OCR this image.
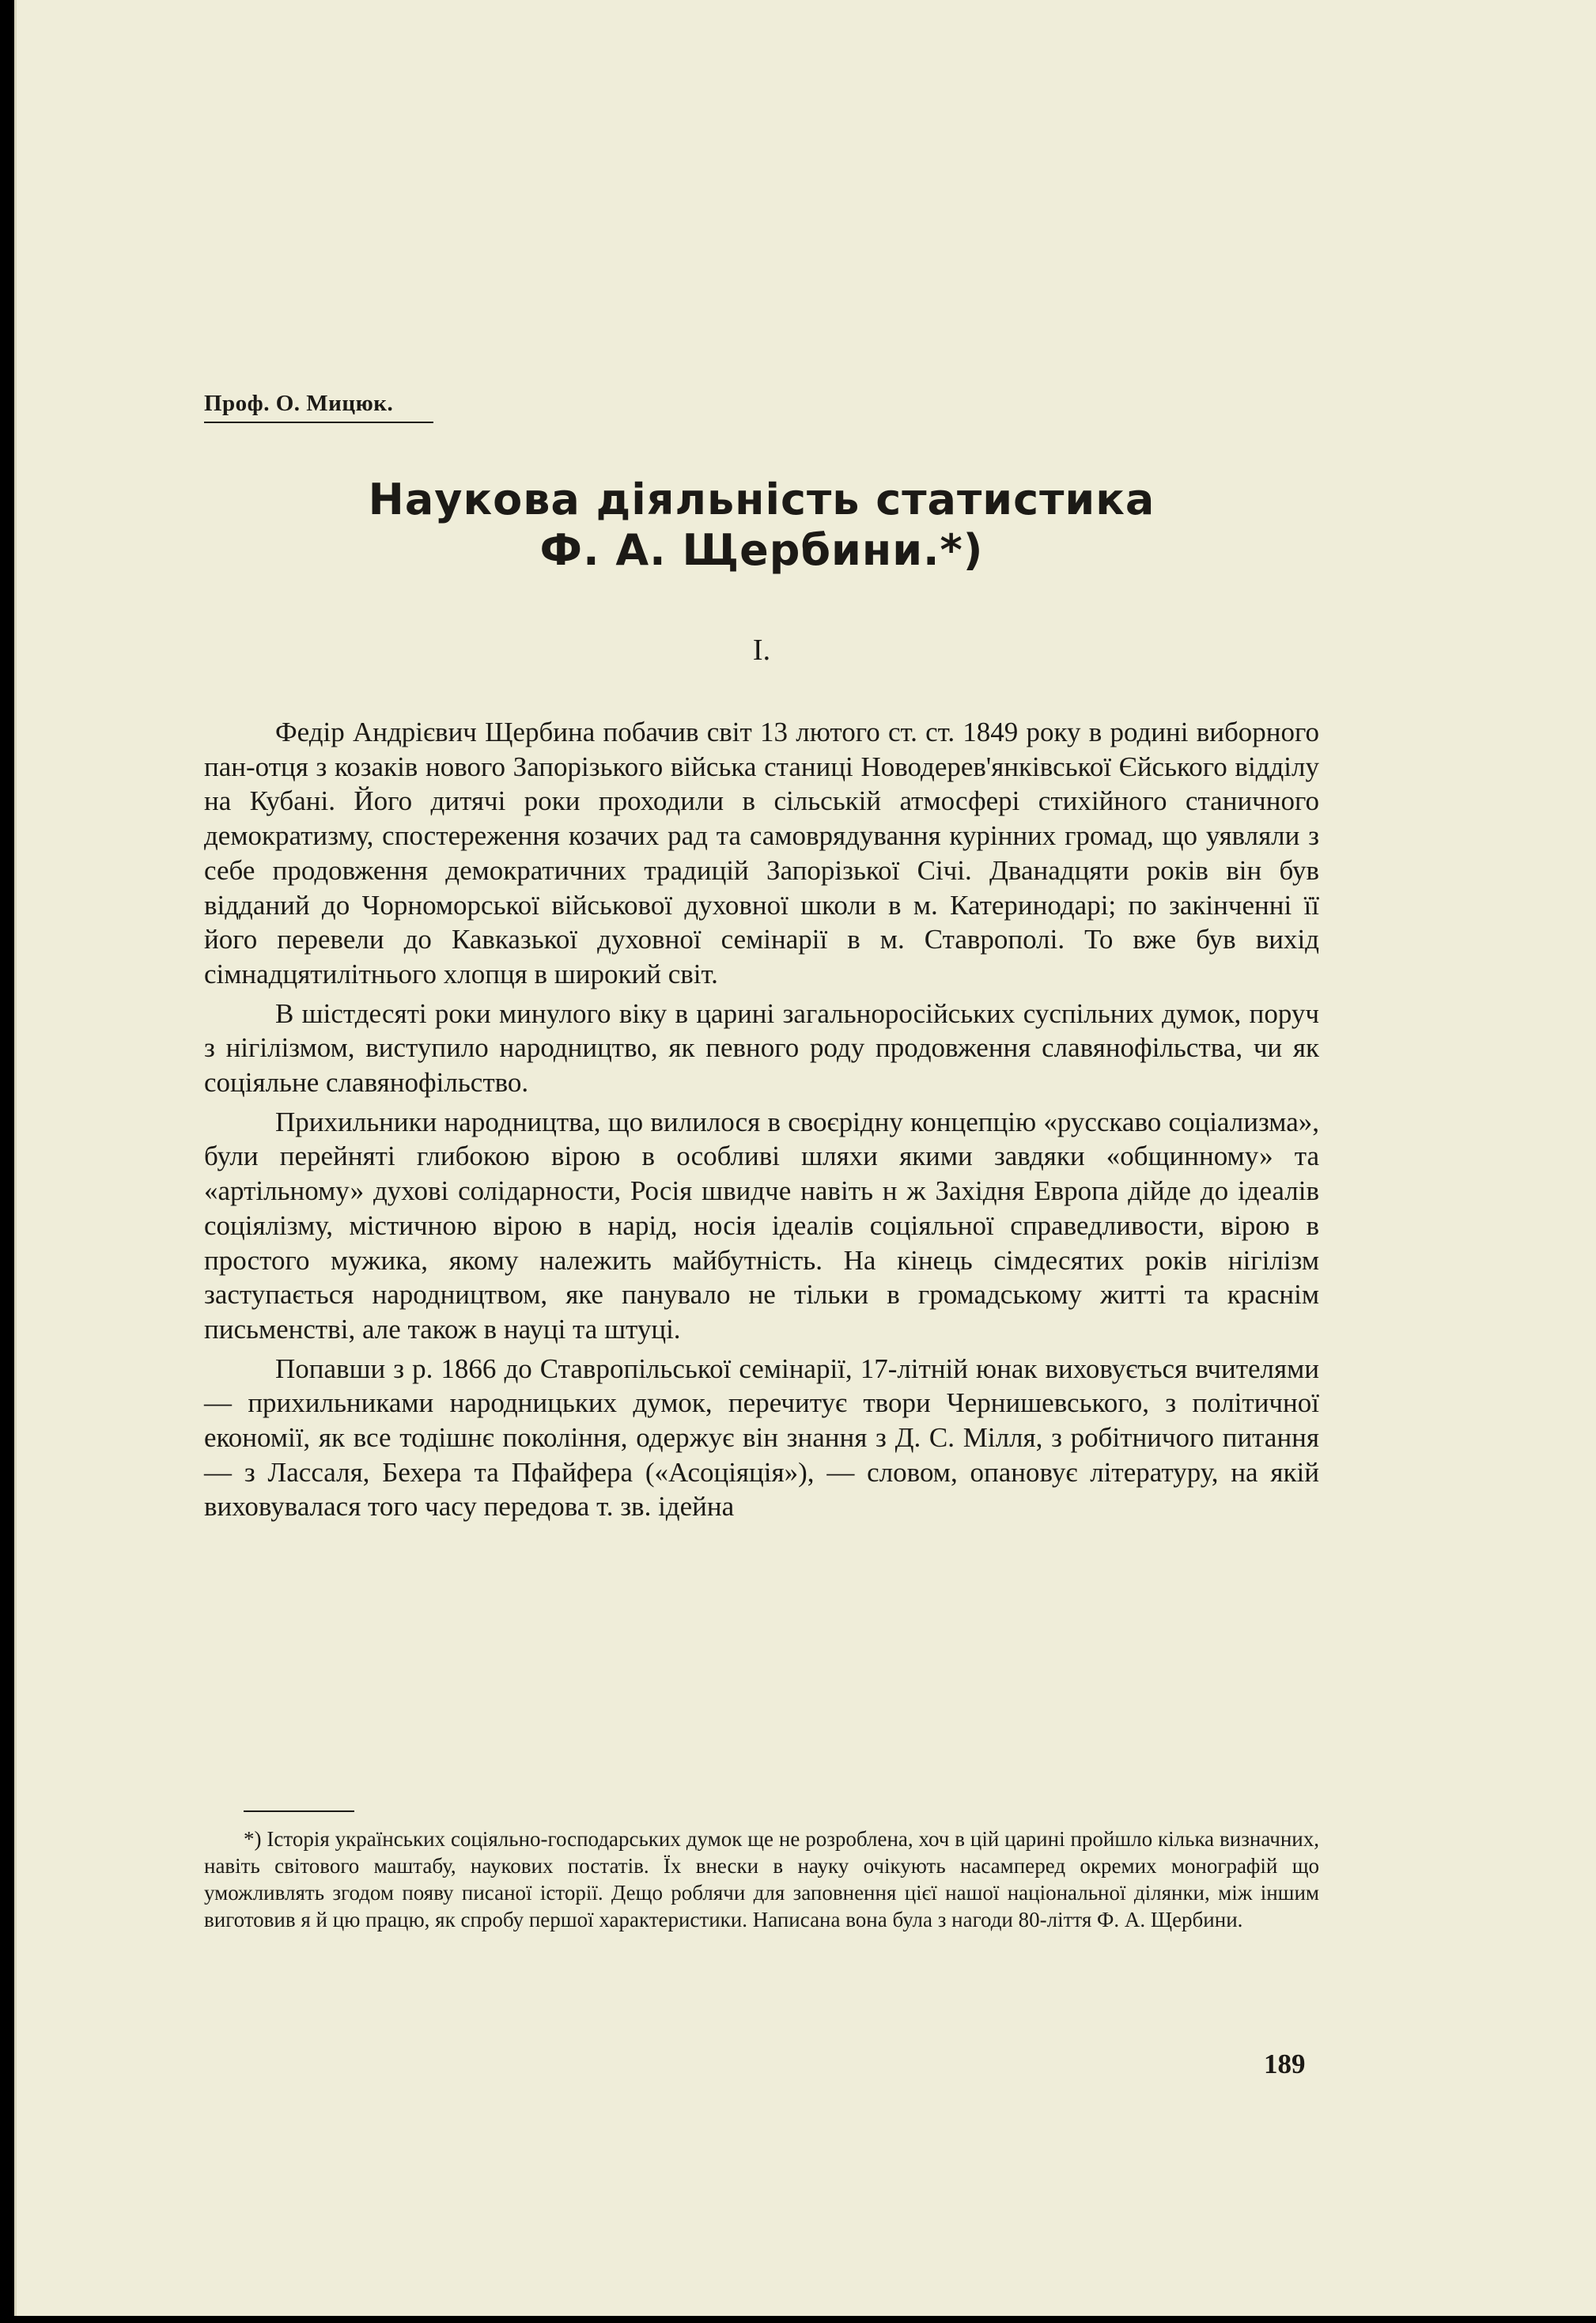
Проф. О. Мицюк.
Наукова діяльність статистика
Ф. А. Щербини.*)
I.

Федір Андрієвич Щербина побачив світ 13 лютого ст. ст. 1849 року в родині виборного пан-отця з козаків нового Запорізького війська станиці Новодерев'янківської Єйського відділу на Кубані. Його дитячі роки проходили в сільській атмосфері стихійного станичного демократизму, спостереження козачих рад та самоврядування курінних громад, що уявляли з себе продовження демократичних традицій Запорізької Січі. Дванадцяти років він був відданий до Чорноморської військової духовної школи в м. Катеринодарі; по закінченні її його перевели до Кавказької духовної семінарії в м. Ставрополі. То вже був вихід сімнадцятилітнього хлопця в широкий світ.

В шістдесяті роки минулого віку в царині загальноросійських суспільних думок, поруч з нігілізмом, виступило народництво, як певного роду продовження славянофільства, чи як соціяльне славянофільство.

Прихильники народництва, що вилилося в своєрідну концепцію «русскаво соціализма», були перейняті глибокою вірою в особливі шляхи якими завдяки «общинному» та «артільному» духові солідарности, Росія швидче навіть н ж Західня Европа дійде до ідеалів соціялізму, містичною вірою в нарід, носія ідеалів соціяльної справедливости, вірою в простого мужика, якому належить майбутність. На кінець сімдесятих років нігілізм заступається народництвом, яке панувало не тільки в громадському житті та краснім письменстві, але також в науці та штуці.

Попавши з р. 1866 до Ставропільської семінарії, 17-літній юнак виховується вчителями — прихильниками народницьких думок, перечитує твори Чернишевського, з політичної економії, як все тодішнє покоління, одержує він знання з Д. С. Мілля, з робітничого питання — з Лассаля, Бехера та Пфайфера («Асоціяція»), — словом, опановує літературу, на якій виховувалася того часу передова т. зв. ідейна

*) Історія українських соціяльно-господарських думок ще не розроблена, хоч в цій царині пройшло кілька визначних, навіть світового маштабу, наукових постатів. Їх внески в науку очікують насамперед окремих монографій що уможливлять згодом появу писаної історії. Дещо роблячи для заповнення цієї нашої національної ділянки, між іншим виготовив я й цю працю, як спробу першої характеристики. Написана вона була з нагоди 80-ліття Ф. А. Щербини.

189
